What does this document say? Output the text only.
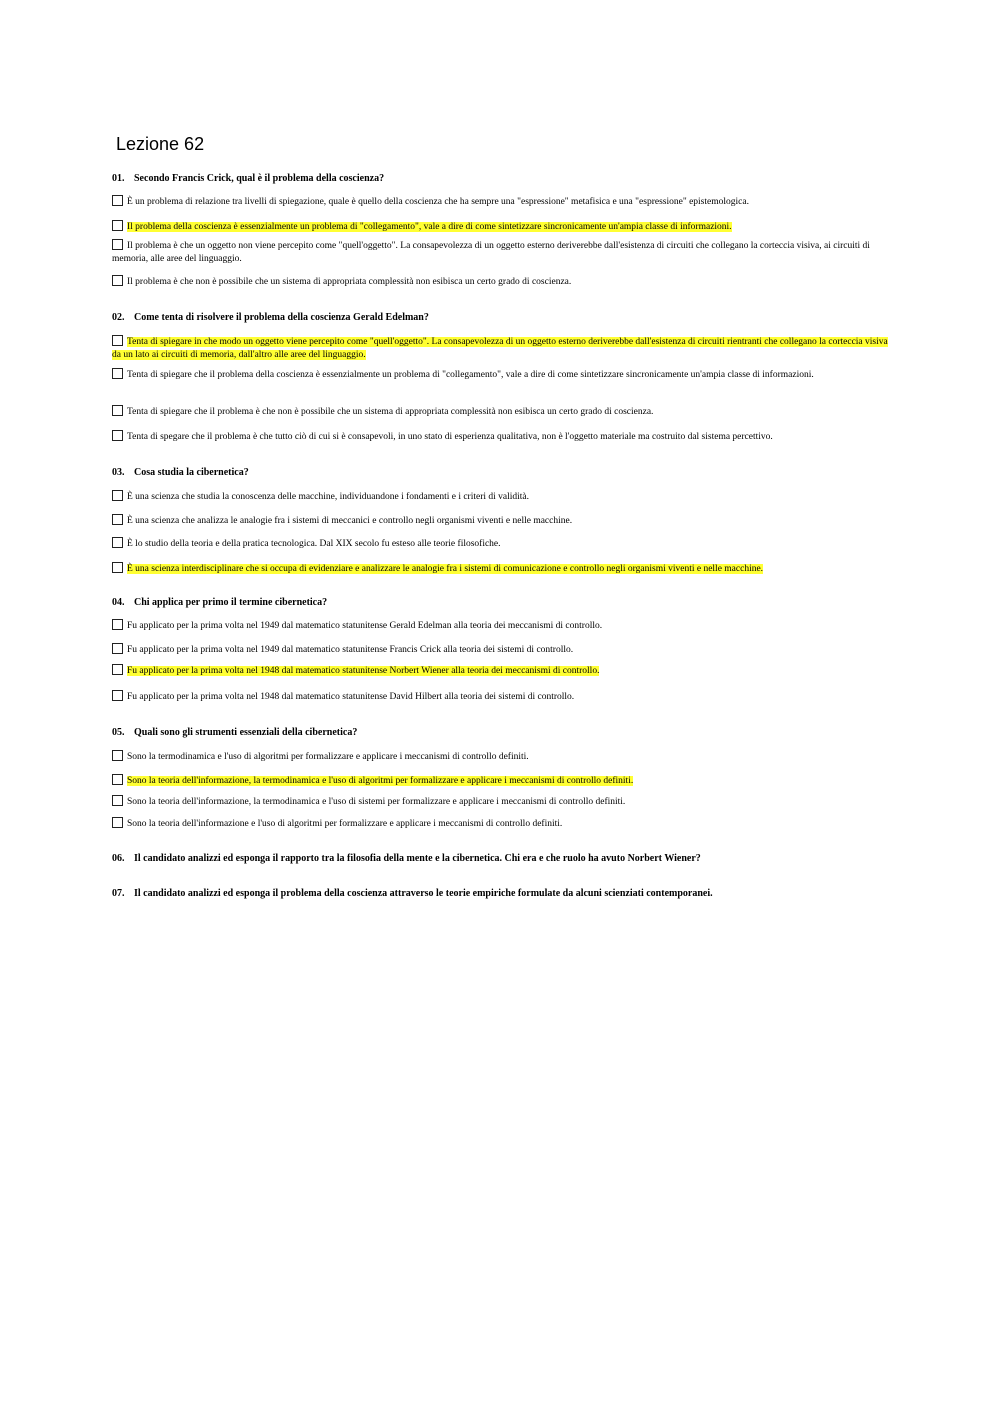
Lezione 62
01. Secondo Francis Crick, qual è il problema della coscienza?
È un problema di relazione tra livelli di spiegazione, quale è quello della coscienza che ha sempre una "espressione" metafisica e una "espressione" epistemologica.
Il problema della coscienza è essenzialmente un problema di "collegamento", vale a dire di come sintetizzare sincronicamente un'ampia classe di informazioni.
Il problema è che un oggetto non viene percepito come "quell'oggetto". La consapevolezza di un oggetto esterno deriverebbe dall'esistenza di circuiti che collegano la corteccia visiva, ai circuiti di memoria, alle aree del linguaggio.
Il problema è che non è possibile che un sistema di appropriata complessità non esibisca un certo grado di coscienza.
02. Come tenta di risolvere il problema della coscienza Gerald Edelman?
Tenta di spiegare in che modo un oggetto viene percepito come "quell'oggetto". La consapevolezza di un oggetto esterno deriverebbe dall'esistenza di circuiti rientranti che collegano la corteccia visiva da un lato ai circuiti di memoria, dall'altro alle aree del linguaggio.
Tenta di spiegare che il problema della coscienza è essenzialmente un problema di "collegamento", vale a dire di come sintetizzare sincronicamente un'ampia classe di informazioni.
Tenta di spiegare che il problema è che non è possibile che un sistema di appropriata complessità non esibisca un certo grado di coscienza.
Tenta di spegare che il problema è che tutto ciò di cui si è consapevoli, in uno stato di esperienza qualitativa, non è l'oggetto materiale ma costruito dal sistema percettivo.
03. Cosa studia la cibernetica?
È una scienza che studia la conoscenza delle macchine, individuandone i fondamenti e i criteri di validità.
È una scienza che analizza le analogie fra i sistemi di meccanici e controllo negli organismi viventi e nelle macchine.
È lo studio della teoria e della pratica tecnologica. Dal XIX secolo fu esteso alle teorie filosofiche.
È una scienza interdisciplinare che si occupa di evidenziare e analizzare le analogie fra i sistemi di comunicazione e controllo negli organismi viventi e nelle macchine.
04. Chi applica per primo il termine cibernetica?
Fu applicato per la prima volta nel 1949 dal matematico statunitense Gerald Edelman alla teoria dei meccanismi di controllo.
Fu applicato per la prima volta nel 1949 dal matematico statunitense Francis Crick alla teoria dei sistemi di controllo.
Fu applicato per la prima volta nel 1948 dal matematico statunitense Norbert Wiener alla teoria dei meccanismi di controllo.
Fu applicato per la prima volta nel 1948 dal matematico statunitense David Hilbert alla teoria dei sistemi di controllo.
05. Quali sono gli strumenti essenziali della cibernetica?
Sono la termodinamica e l'uso di algoritmi per formalizzare e applicare i meccanismi di controllo definiti.
Sono la teoria dell'informazione, la termodinamica e l'uso di algoritmi per formalizzare e applicare i meccanismi di controllo definiti.
Sono la teoria dell'informazione, la termodinamica e l'uso di sistemi per formalizzare e applicare i meccanismi di controllo definiti.
Sono la teoria dell'informazione e l'uso di algoritmi per formalizzare e applicare i meccanismi di controllo definiti.
06. Il candidato analizzi ed esponga il rapporto tra la filosofia della mente e la cibernetica. Chi era e che ruolo ha avuto Norbert Wiener?
07. Il candidato analizzi ed esponga il problema della coscienza attraverso le teorie empiriche formulate da alcuni scienziati contemporanei.
